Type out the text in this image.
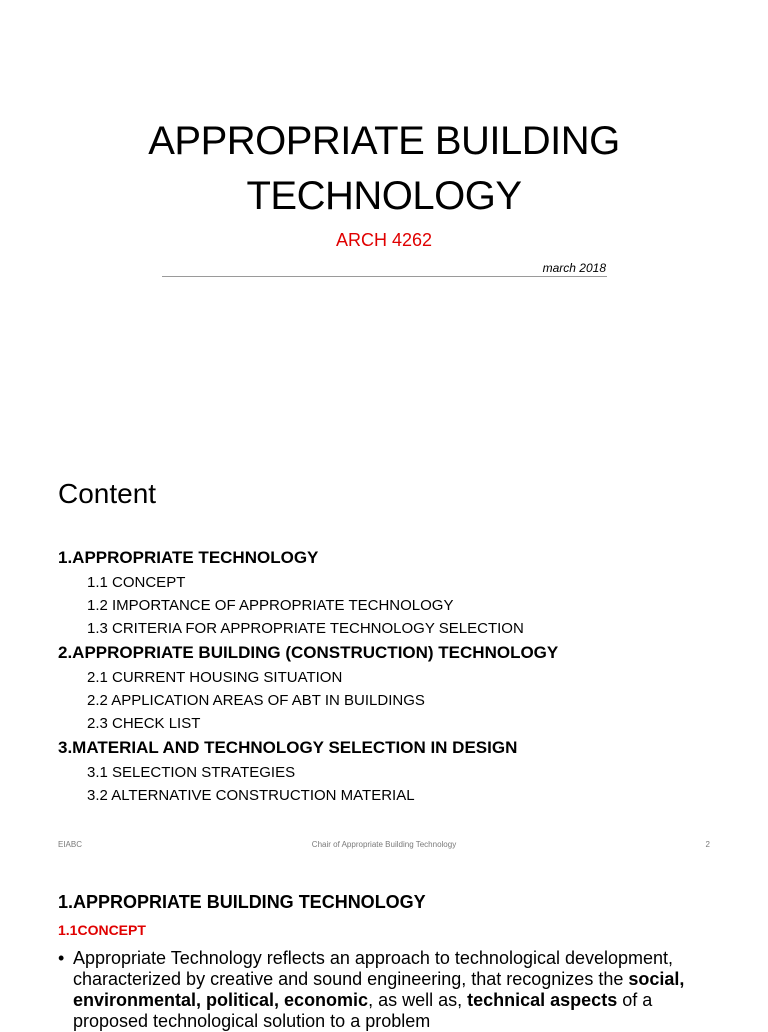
APPROPRIATE BUILDING
TECHNOLOGY
ARCH 4262
march 2018
Content
1.APPROPRIATE TECHNOLOGY
1.1 CONCEPT
1.2 IMPORTANCE OF APPROPRIATE TECHNOLOGY
1.3 CRITERIA FOR APPROPRIATE TECHNOLOGY SELECTION
2.APPROPRIATE BUILDING (CONSTRUCTION) TECHNOLOGY
2.1 CURRENT HOUSING SITUATION
2.2 APPLICATION AREAS OF ABT IN BUILDINGS
2.3 CHECK LIST
3.MATERIAL AND TECHNOLOGY SELECTION IN DESIGN
3.1 SELECTION STRATEGIES
3.2 ALTERNATIVE CONSTRUCTION MATERIAL
EIABC	Chair of Appropriate Building Technology	2
1.APPROPRIATE BUILDING TECHNOLOGY
1.1CONCEPT
• Appropriate Technology reflects an approach to technological development, characterized by creative and sound engineering, that recognizes the social, environmental, political, economic, as well as, technical aspects of a proposed technological solution to a problem
